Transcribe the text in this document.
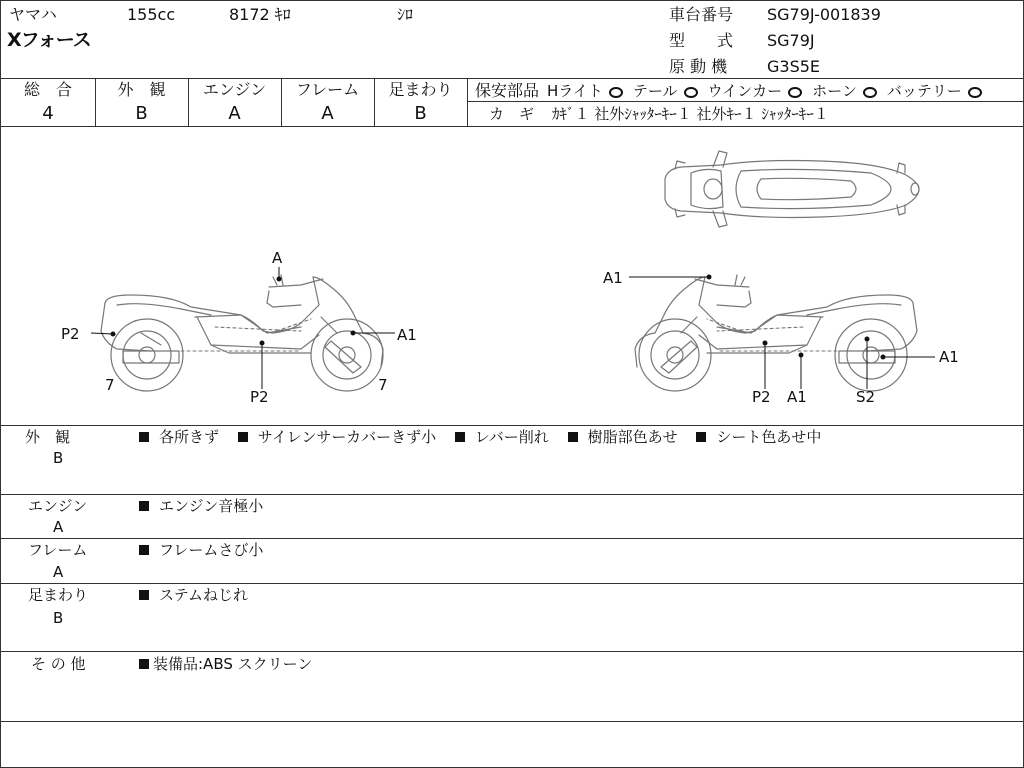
ヤマハ	155cc	8172 ｷﾛ	ｼﾛ
Xフォース
車台番号 SG79J-001839
型　　式 SG79J
原 動 機 G3S5E
総　合
4
外　観
B
エンジン
A
フレーム
A
足まわり
B
保安部品 Hライト テール ウインカー ホーン バッテリー
カ　ギ ｶｷﾞ１ 社外ｼｬｯﾀｰｷｰ１ 社外ｷｰ１ ｼｬｯﾀｰｷｰ１
A
P2	A1
7
P2
7
A1
A1
P2 A1	S2
外　観
B
各所きず	サイレンサーカバーきず小	レバー削れ	樹脂部色あせ	シート色あせ中
エンジン
A
エンジン音極小
フレーム
A
フレームさび小
足まわり
B
ステムねじれ
そ の 他	装備品:ABS スクリーン
